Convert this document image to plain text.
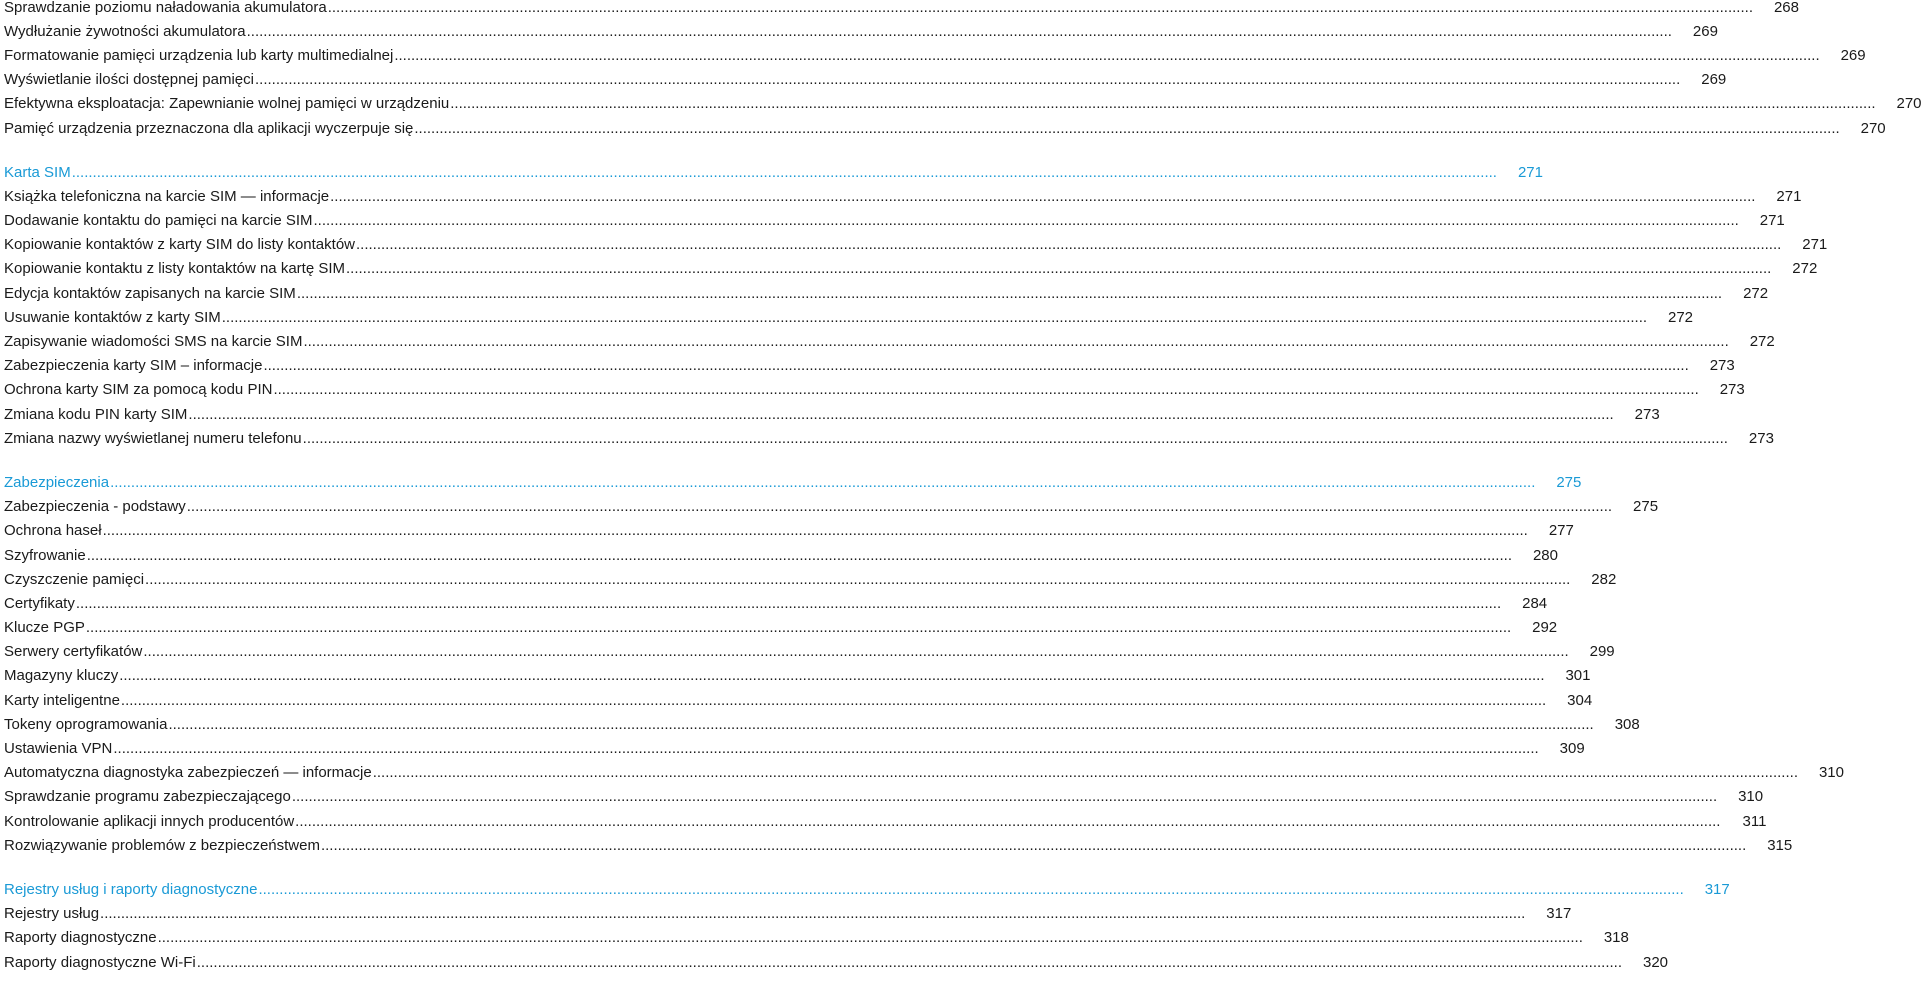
Sprawdzanie poziomu naładowania akumulatora .....	268
Wydłużanie żywotności akumulatora .....	269
Formatowanie pamięci urządzenia lub karty multimedialnej .....	269
Wyświetlanie ilości dostępnej pamięci .....	269
Efektywna eksploatacja: Zapewnianie wolnej pamięci w urządzeniu .....	270
Pamięć urządzenia przeznaczona dla aplikacji wyczerpuje się .....	270
Karta SIM .....	271
Książka telefoniczna na karcie SIM — informacje .....	271
Dodawanie kontaktu do pamięci na karcie SIM .....	271
Kopiowanie kontaktów z karty SIM do listy kontaktów .....	271
Kopiowanie kontaktu z listy kontaktów na kartę SIM .....	272
Edycja kontaktów zapisanych na karcie SIM .....	272
Usuwanie kontaktów z karty SIM .....	272
Zapisywanie wiadomości SMS na karcie SIM .....	272
Zabezpieczenia karty SIM – informacje .....	273
Ochrona karty SIM za pomocą kodu PIN .....	273
Zmiana kodu PIN karty SIM .....	273
Zmiana nazwy wyświetlanej numeru telefonu .....	273
Zabezpieczenia .....	275
Zabezpieczenia - podstawy .....	275
Ochrona haseł .....	277
Szyfrowanie .....	280
Czyszczenie pamięci .....	282
Certyfikaty .....	284
Klucze PGP .....	292
Serwery certyfikatów .....	299
Magazyny kluczy .....	301
Karty inteligentne .....	304
Tokeny oprogramowania .....	308
Ustawienia VPN .....	309
Automatyczna diagnostyka zabezpieczeń — informacje .....	310
Sprawdzanie programu zabezpieczającego .....	310
Kontrolowanie aplikacji innych producentów .....	311
Rozwiązywanie problemów z bezpieczeństwem .....	315
Rejestry usług i raporty diagnostyczne .....	317
Rejestry usług .....	317
Raporty diagnostyczne .....	318
Raporty diagnostyczne Wi-Fi .....	320
